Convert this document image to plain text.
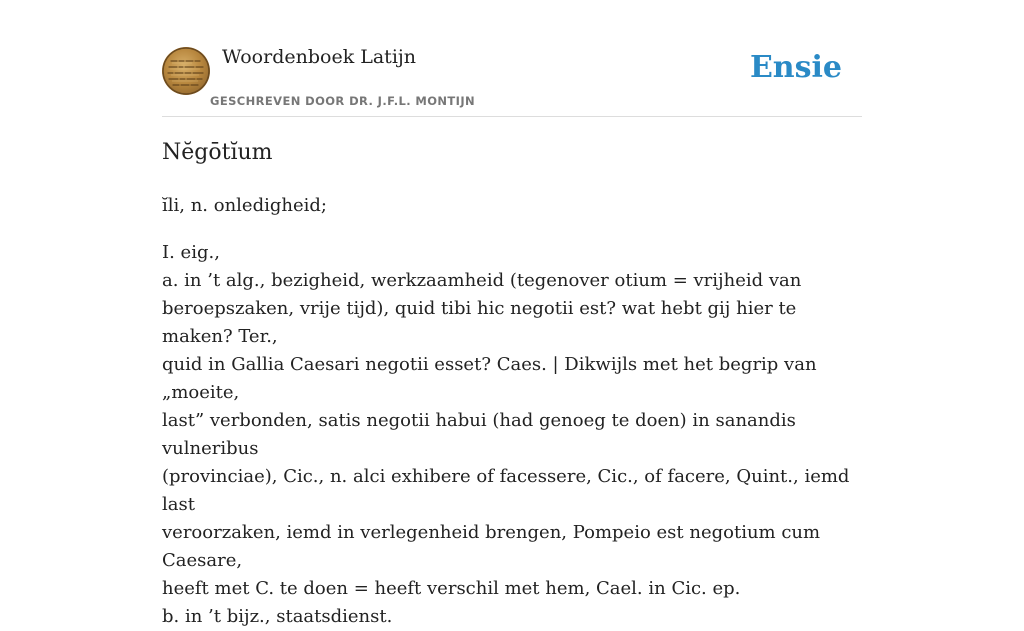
Woordenboek Latijn
GESCHREVEN DOOR DR. J.F.L. MONTIJN
Ensie
Nĕgōtĭum

ĭli, n. onledigheid;

I. eig.,
a. in ’t alg., bezigheid, werkzaamheid (tegenover otium = vrijheid van
beroepszaken, vrije tijd), quid tibi hic negotii est? wat hebt gij hier te maken? Ter.,
quid in Gallia Caesari negotii esset? Caes. | Dikwijls met het begrip van „moeite,
last” verbonden, satis negotii habui (had genoeg te doen) in sanandis vulneribus
(provinciae), Cic., n. alci exhibere of facessere, Cic., of facere, Quint., iemd last
veroorzaken, iemd in verlegenheid brengen, Pompeio est negotium cum Caesare,
heeft met C. te doen = heeft verschil met hem, Cael. in Cic. ep.
b. in ’t bijz., staatsdienst.
